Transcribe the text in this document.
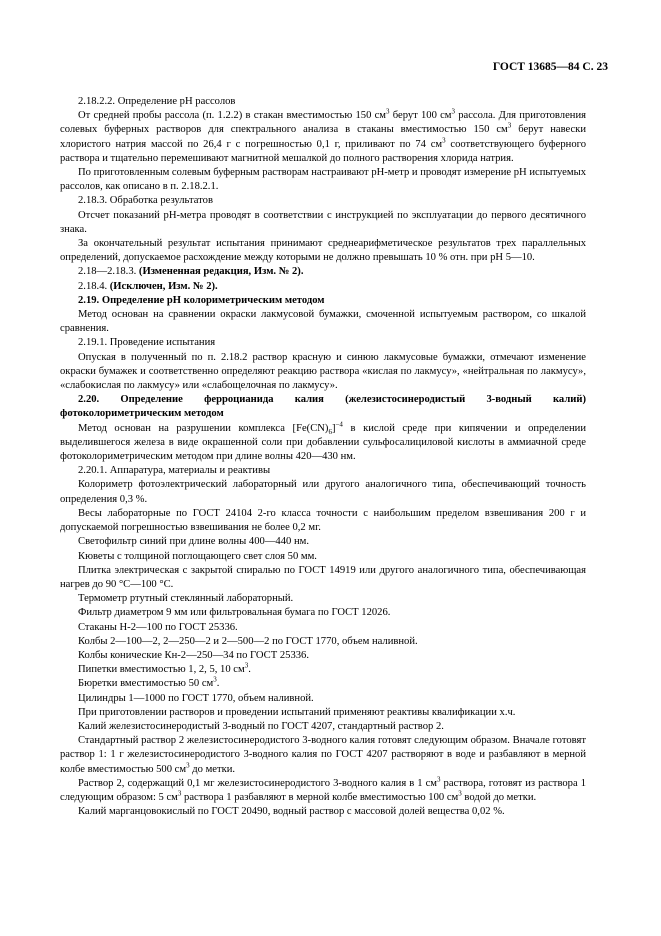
ГОСТ 13685—84 С. 23

2.18.2.2. Определение pH рассолов

От средней пробы рассола (п. 1.2.2) в стакан вместимостью 150 $см^3$ берут 100 $см^3$ рассола. Для приготовления солевых буферных растворов для спектрального анализа в стаканы вместимостью 150 $см^3$ берут навески хлористого натрия массой по 26,4 г с погрешностью 0,1 г, приливают по 74 $см^3$ соответствующего буферного раствора и тщательно перемешивают магнитной мешалкой до полного растворения хлорида натрия.

По приготовленным солевым буферным растворам настраивают pH-метр и проводят измерение pH испытуемых рассолов, как описано в п. 2.18.2.1.

2.18.3. Обработка результатов

Отсчет показаний pH-метра проводят в соответствии с инструкцией по эксплуатации до первого десятичного знака.

За окончательный результат испытания принимают среднеарифметическое результатов трех параллельных определений, допускаемое расхождение между которыми не должно превышать 10 % отн. при pH 5—10.

2.18—2.18.3. (Измененная редакция, Изм. № 2).

2.18.4. (Исключен, Изм. № 2).

2.19. Определение pH колориметрическим методом

Метод основан на сравнении окраски лакмусовой бумажки, смоченной испытуемым раствором, со шкалой сравнения.

2.19.1. Проведение испытания

Опуская в полученный по п. 2.18.2 раствор красную и синюю лакмусовые бумажки, отмечают изменение окраски бумажек и соответственно определяют реакцию раствора «кислая по лакмусу», «нейтральная по лакмусу», «слабокислая по лакмусу» или «слабощелочная по лакмусу».

2.20. Определение ферроцианида калия (железистосинеродистый 3-водный калий) фотоколориметрическим методом

Метод основан на разрушении комплекса $[Fe(CN)_6]^{-4}$ в кислой среде при кипячении и определении выделившегося железа в виде окрашенной соли при добавлении сульфосалициловой кислоты в аммиачной среде фотоколориметрическим методом при длине волны 420—430 нм.

2.20.1. Аппаратура, материалы и реактивы

Колориметр фотоэлектрический лабораторный или другого аналогичного типа, обеспечивающий точность определения 0,3 %.

Весы лабораторные по ГОСТ 24104 2-го класса точности с наибольшим пределом взвешивания 200 г и допускаемой погрешностью взвешивания не более 0,2 мг.

Светофильтр синий при длине волны 400—440 нм.

Кюветы с толщиной поглощающего свет слоя 50 мм.

Плитка электрическая с закрытой спиралью по ГОСТ 14919 или другого аналогичного типа, обеспечивающая нагрев до 90 °С—100 °С.

Термометр ртутный стеклянный лабораторный.

Фильтр диаметром 9 мм или фильтровальная бумага по ГОСТ 12026.

Стаканы Н-2—100 по ГОСТ 25336.

Колбы 2—100—2, 2—250—2 и 2—500—2 по ГОСТ 1770, объем наливной.

Колбы конические Кн-2—250—34 по ГОСТ 25336.

Пипетки вместимостью 1, 2, 5, 10 $см^3$.

Бюретки вместимостью 50 $см^3$.

Цилиндры 1—1000 по ГОСТ 1770, объем наливной.

При приготовлении растворов и проведении испытаний применяют реактивы квалификации х.ч.

Калий железистосинеродистый 3-водный по ГОСТ 4207, стандартный раствор 2.

Стандартный раствор 2 железистосинеродистого 3-водного калия готовят следующим образом. Вначале готовят раствор 1: 1 г железистосинеродистого 3-водного калия по ГОСТ 4207 растворяют в воде и разбавляют в мерной колбе вместимостью 500 $см^3$ до метки.

Раствор 2, содержащий 0,1 мг железистосинеродистого 3-водного калия в 1 $см^3$ раствора, готовят из раствора 1 следующим образом: 5 $см^3$ раствора 1 разбавляют в мерной колбе вместимостью 100 $см^3$ водой до метки.

Калий марганцовокислый по ГОСТ 20490, водный раствор с массовой долей вещества 0,02 %.
